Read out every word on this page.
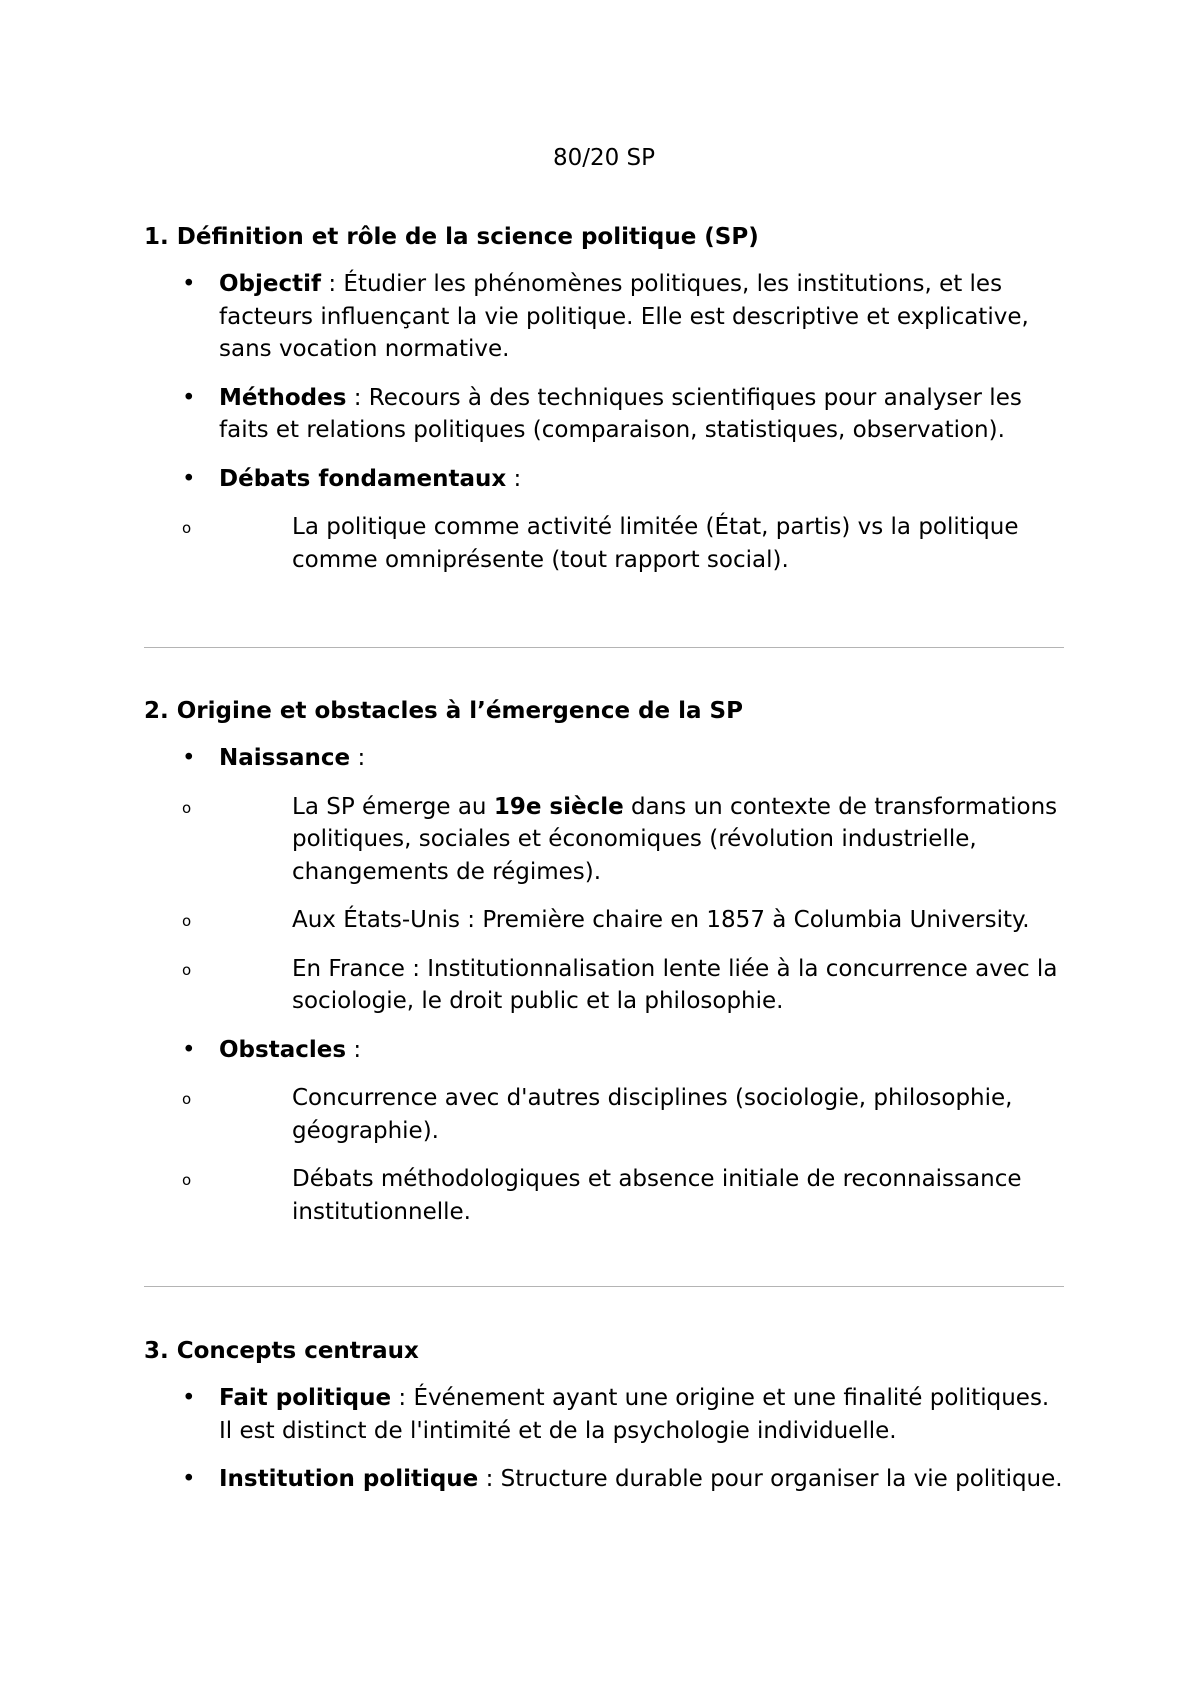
80/20 SP
1. Définition et rôle de la science politique (SP)
• Objectif : Étudier les phénomènes politiques, les institutions, et les facteurs influençant la vie politique. Elle est descriptive et explicative, sans vocation normative.
• Méthodes : Recours à des techniques scientifiques pour analyser les faits et relations politiques (comparaison, statistiques, observation).
• Débats fondamentaux :
o	La politique comme activité limitée (État, partis) vs la politique comme omniprésente (tout rapport social).
2. Origine et obstacles à l’émergence de la SP
• Naissance :
o	La SP émerge au 19e siècle dans un contexte de transformations politiques, sociales et économiques (révolution industrielle, changements de régimes).
o	Aux États-Unis : Première chaire en 1857 à Columbia University.
o	En France : Institutionnalisation lente liée à la concurrence avec la sociologie, le droit public et la philosophie.
• Obstacles :
o	Concurrence avec d'autres disciplines (sociologie, philosophie, géographie).
o	Débats méthodologiques et absence initiale de reconnaissance institutionnelle.
3. Concepts centraux
• Fait politique : Événement ayant une origine et une finalité politiques. Il est distinct de l'intimité et de la psychologie individuelle.
• Institution politique : Structure durable pour organiser la vie politique.
